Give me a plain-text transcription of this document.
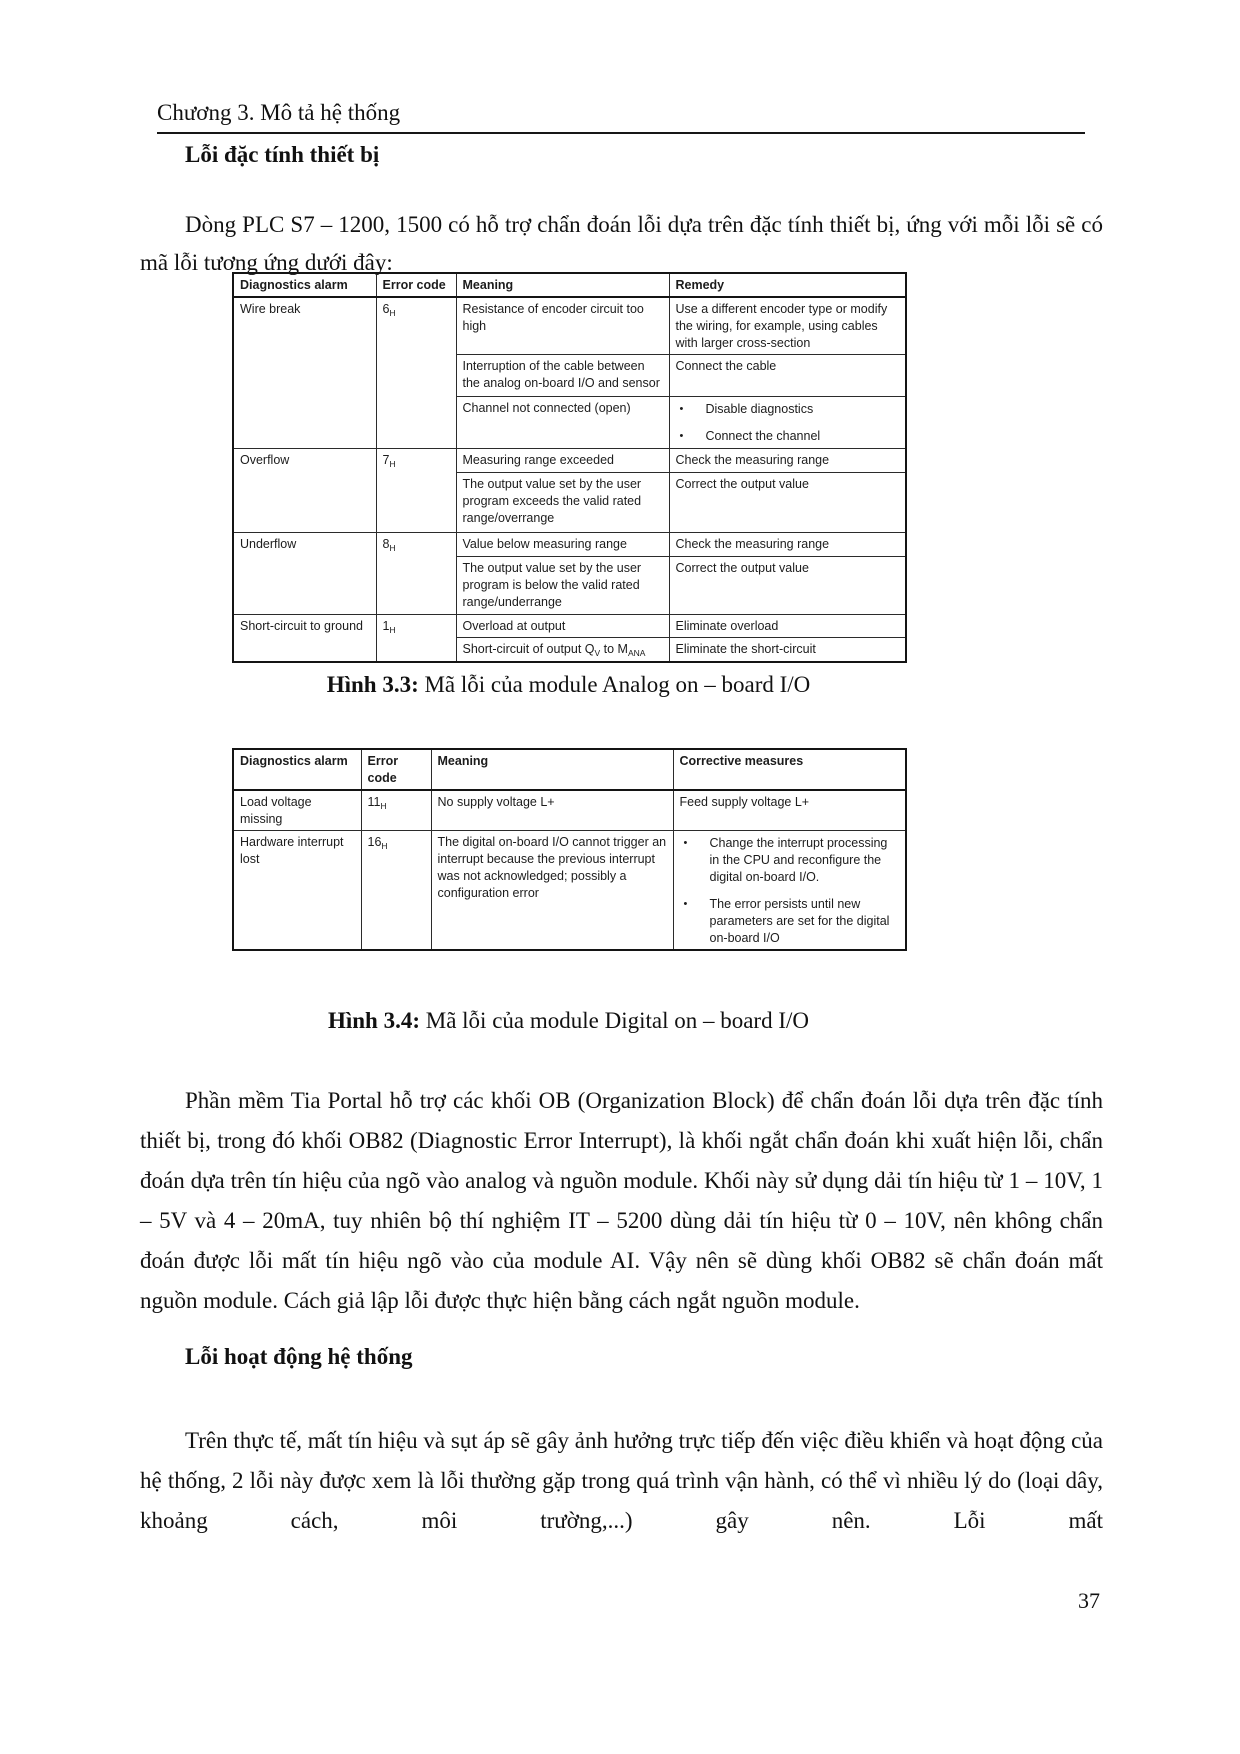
Chương 3. Mô tả hệ thống
Lỗi đặc tính thiết bị

Dòng PLC S7 – 1200, 1500 có hỗ trợ chẩn đoán lỗi dựa trên đặc tính thiết bị, ứng với mỗi lỗi sẽ có mã lỗi tương ứng dưới đây:

Diagnostics alarm	Error code	Meaning	Remedy
Wire break	$6_H$	Resistance of encoder circuit too high	Use a different encoder type or modify the wiring, for example, using cables with larger cross-section
		Interruption of the cable between the analog on-board I/O and sensor	Connect the cable
		Channel not connected (open)	• Disable diagnostics
• Connect the channel

Overflow	$7_H$	Measuring range exceeded	Check the measuring range
		The output value set by the user program exceeds the valid rated range/overrange	Correct the output value
Underflow	$8_H$	Value below measuring range	Check the measuring range
		The output value set by the user program is below the valid rated range/underrange	Correct the output value
Short-circuit to ground	$1_H$	Overload at output	Eliminate overload
		Short-circuit of output $Q_V$ to $M_{ANA}$	Eliminate the short-circuit
Hình 3.3: Mã lỗi của module Analog on – board I/O
Diagnostics alarm	Error code	Meaning	Corrective measures
Load voltage missing	$11_H$	No supply voltage L+	Feed supply voltage L+
Hardware interrupt lost	$16_H$	The digital on-board I/O cannot trigger an interrupt because the previous interrupt was not acknowledged; possibly a configuration error	• Change the interrupt processing in the CPU and reconfigure the digital on-board I/O.
• The error persists until new parameters are set for the digital on-board I/O
Hình 3.4: Mã lỗi của module Digital on – board I/O

Phần mềm Tia Portal hỗ trợ các khối OB (Organization Block) để chẩn đoán lỗi dựa trên đặc tính thiết bị, trong đó khối OB82 (Diagnostic Error Interrupt), là khối ngắt chẩn đoán khi xuất hiện lỗi, chẩn đoán dựa trên tín hiệu của ngõ vào analog và nguồn module. Khối này sử dụng dải tín hiệu từ 1 – 10V, 1 – 5V và 4 – 20mA, tuy nhiên bộ thí nghiệm IT – 5200 dùng dải tín hiệu từ 0 – 10V, nên không chẩn đoán được lỗi mất tín hiệu ngõ vào của module AI. Vậy nên sẽ dùng khối OB82 sẽ chẩn đoán mất nguồn module. Cách giả lập lỗi được thực hiện bằng cách ngắt nguồn module.

Lỗi hoạt động hệ thống

Trên thực tế, mất tín hiệu và sụt áp sẽ gây ảnh hưởng trực tiếp đến việc điều khiển và hoạt động của hệ thống, 2 lỗi này được xem là lỗi thường gặp trong quá trình vận hành, có thể vì nhiều lý do (loại dây, khoảng cách, môi trường,...) gây nên. Lỗi mất

37
